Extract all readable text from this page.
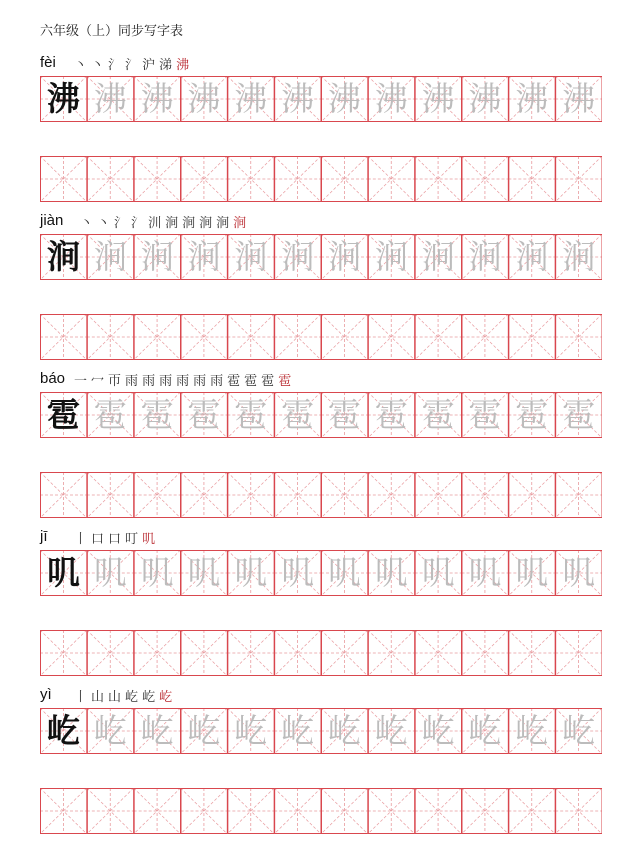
六年级（上）同步写字表
fèi 丶 丶 氵 氵 沪 涕 沸
沸 沸 沸 沸 沸 沸 沸 沸 沸 沸 沸 沸
jiàn 丶 丶 氵 氵 汌 涧 涧 涧 涧 涧
涧 涧 涧 涧 涧 涧 涧 涧 涧 涧 涧 涧
báo 一 冖 帀 雨 雨 雨 雨 雨 雨 雹 雹 雹 雹
雹 雹 雹 雹 雹 雹 雹 雹 雹 雹 雹 雹
jī 丨 口 口 叮 叽
叽 叽 叽 叽 叽 叽 叽 叽 叽 叽 叽 叽
yì 丨 山 山 屹 屹 屹
屹 屹 屹 屹 屹 屹 屹 屹 屹 屹 屹 屹
